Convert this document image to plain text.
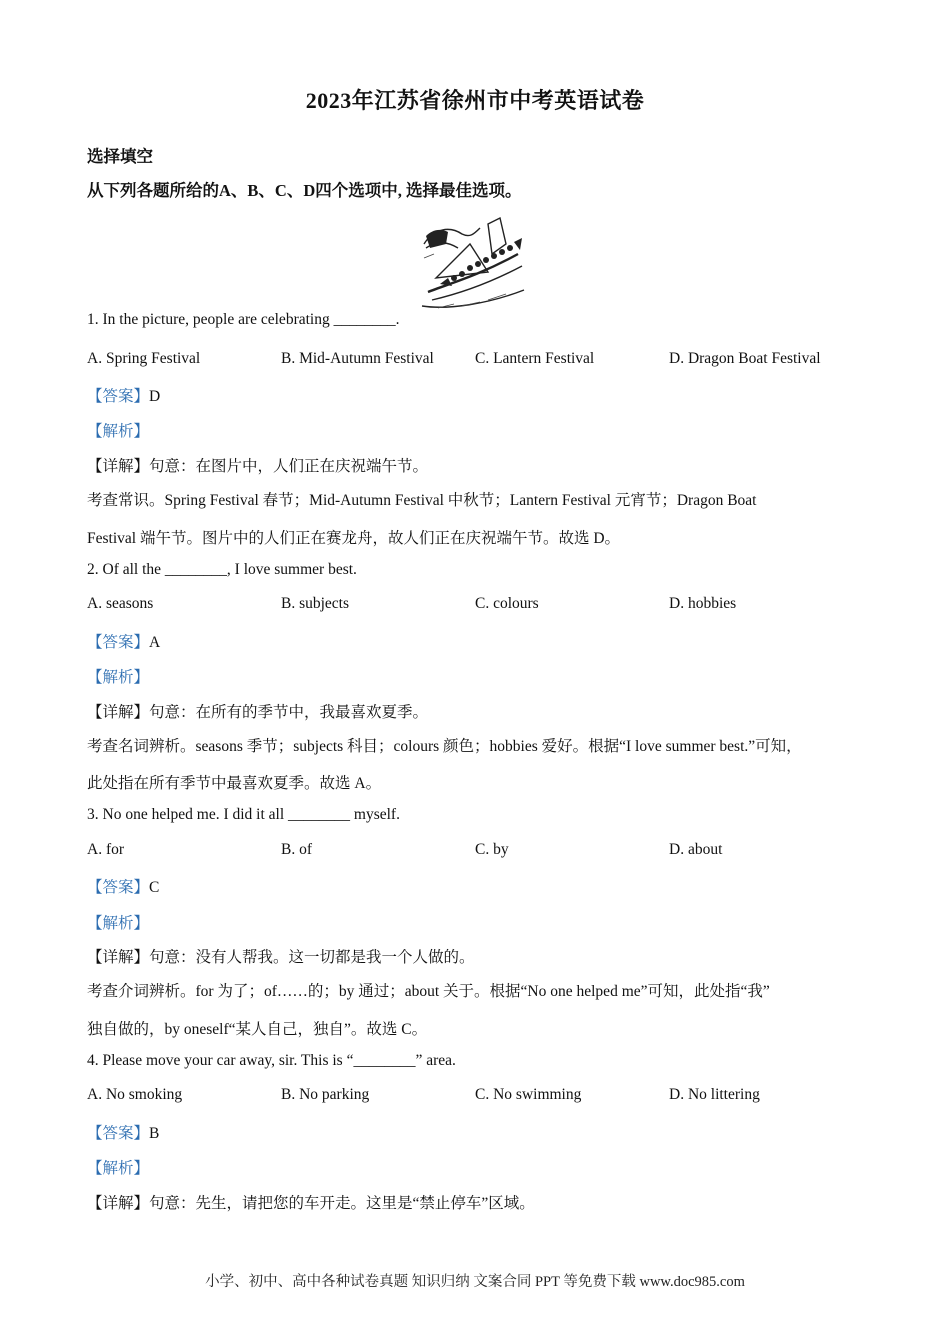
2023年江苏省徐州市中考英语试卷
选择填空
从下列各题所给的A、B、C、D四个选项中, 选择最佳选项。
1. In the picture, people are celebrating ________.
A. Spring Festival	B. Mid-Autumn Festival	C. Lantern Festival	D. Dragon Boat Festival
【答案】D
【解析】
【详解】句意：在图片中，人们正在庆祝端午节。
考查常识。Spring Festival 春节；Mid-Autumn Festival 中秋节；Lantern Festival 元宵节；Dragon Boat
Festival 端午节。图片中的人们正在赛龙舟，故人们正在庆祝端午节。故选 D。
2. Of all the ________, I love summer best.
A. seasons	B. subjects	C. colours	D. hobbies
【答案】A
【解析】
【详解】句意：在所有的季节中，我最喜欢夏季。
考查名词辨析。seasons 季节；subjects 科目；colours 颜色；hobbies 爱好。根据“I love summer best.”可知，
此处指在所有季节中最喜欢夏季。故选 A。
3. No one helped me. I did it all ________ myself.
A. for	B. of	C. by	D. about
【答案】C
【解析】
【详解】句意：没有人帮我。这一切都是我一个人做的。
考查介词辨析。for 为了；of……的；by 通过；about 关于。根据“No one helped me”可知，此处指“我”
独自做的，by oneself“某人自己，独自”。故选 C。
4. Please move your car away, sir. This is “________” area.
A. No smoking	B. No parking	C. No swimming	D. No littering
【答案】B
【解析】
【详解】句意：先生，请把您的车开走。这里是“禁止停车”区域。
小学、初中、高中各种试卷真题 知识归纳 文案合同 PPT 等免费下载 www.doc985.com
